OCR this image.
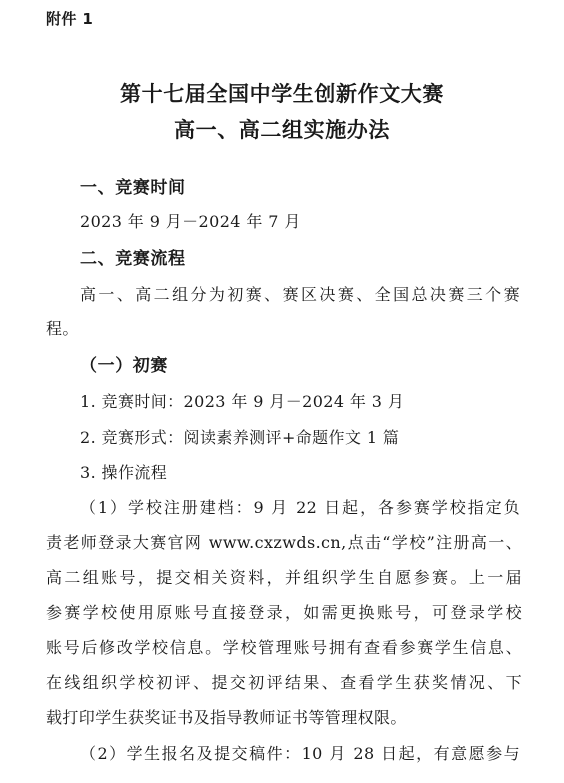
附件 1
第十七届全国中学生创新作文大赛
高一、高二组实施办法
一、竞赛时间
2023 年 9 月－2024 年 7 月
二、竞赛流程
高一、高二组分为初赛、赛区决赛、全国总决赛三个赛
程。
（一）初赛
1. 竞赛时间：2023 年 9 月－2024 年 3 月
2. 竞赛形式：阅读素养测评+命题作文 1 篇
3. 操作流程
（1）学校注册建档：9 月 22 日起，各参赛学校指定负
责老师登录大赛官网 www.cxzwds.cn,点击“学校”注册高一、
高二组账号，提交相关资料，并组织学生自愿参赛。上一届
参赛学校使用原账号直接登录，如需更换账号，可登录学校
账号后修改学校信息。学校管理账号拥有查看参赛学生信息、
在线组织学校初评、提交初评结果、查看学生获奖情况、下
载打印学生获奖证书及指导教师证书等管理权限。
（2）学生报名及提交稿件：10 月 28 日起，有意愿参与
